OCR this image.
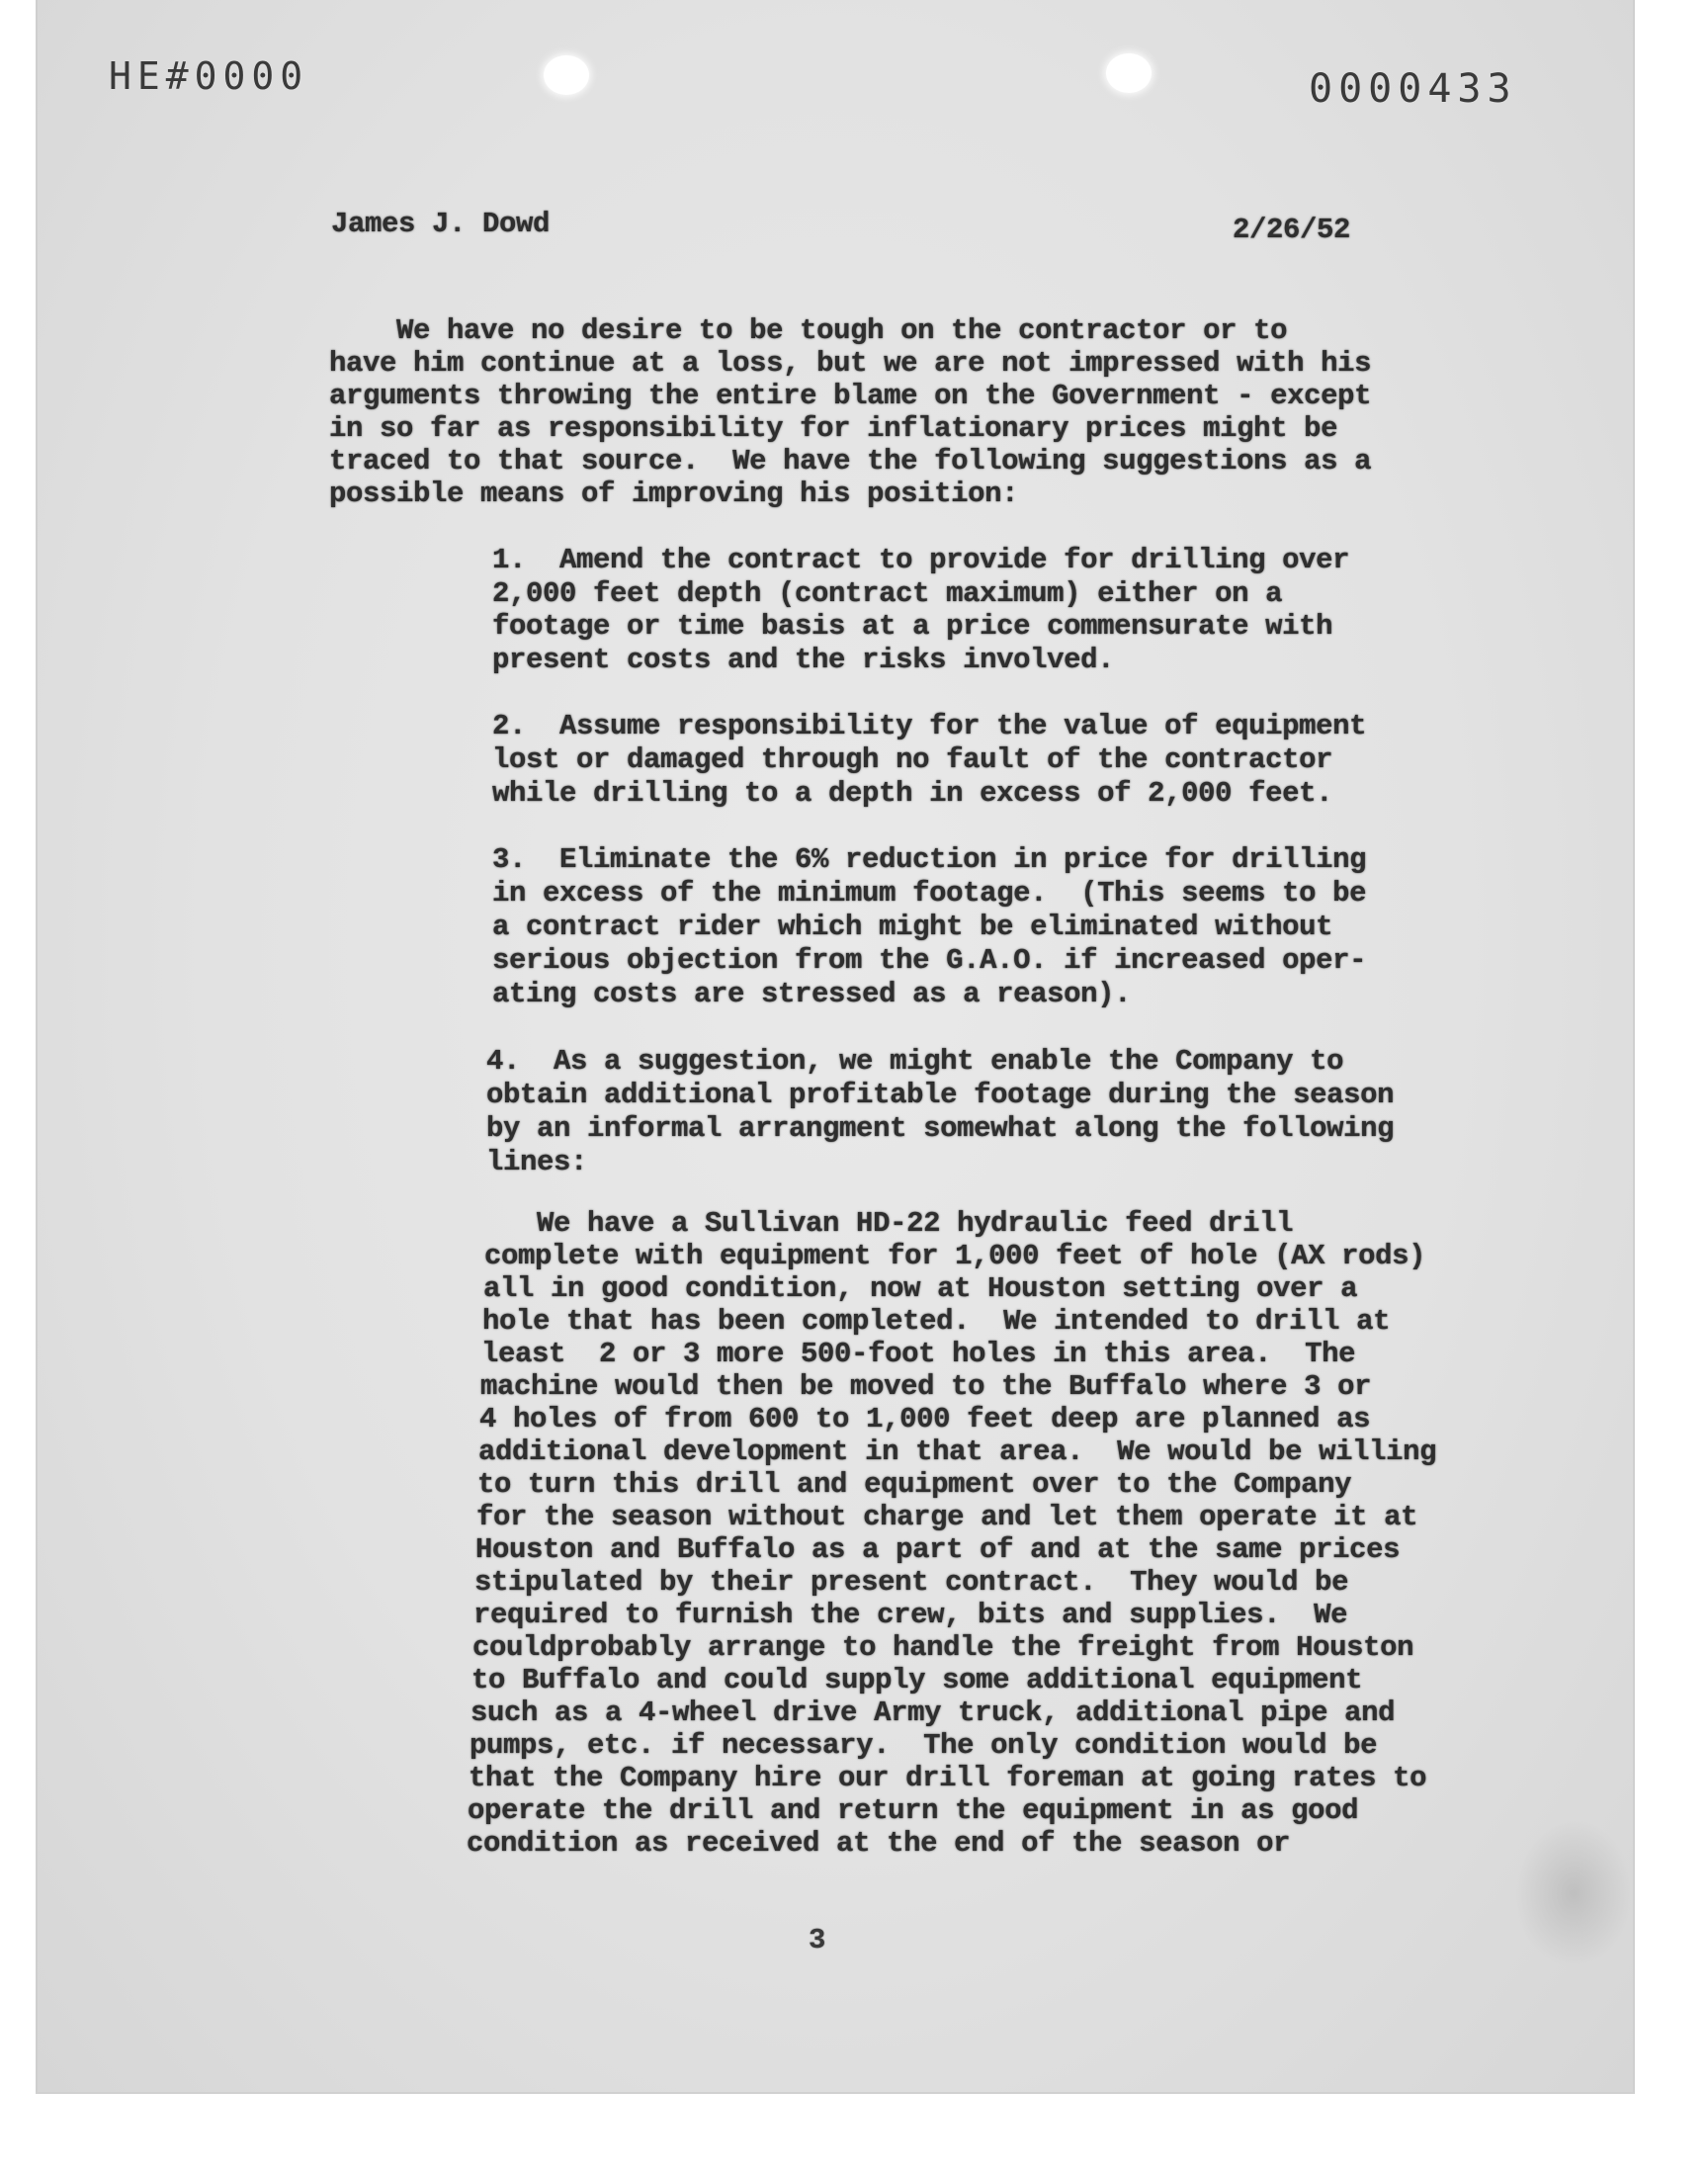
HE#0000	0000433
James J. Dowd	2/26/52
We have no desire to be tough on the contractor or to
have him continue at a loss, but we are not impressed with his
arguments throwing the entire blame on the Government - except
in so far as responsibility for inflationary prices might be
traced to that source.  We have the following suggestions as a
possible means of improving his position:
1.  Amend the contract to provide for drilling over
2,000 feet depth (contract maximum) either on a
footage or time basis at a price commensurate with
present costs and the risks involved.
2.  Assume responsibility for the value of equipment
lost or damaged through no fault of the contractor
while drilling to a depth in excess of 2,000 feet.
3.  Eliminate the 6% reduction in price for drilling
in excess of the minimum footage.  (This seems to be
a contract rider which might be eliminated without
serious objection from the G.A.O. if increased oper-
ating costs are stressed as a reason).
4.  As a suggestion, we might enable the Company to
obtain additional profitable footage during the season
by an informal arrangment somewhat along the following
lines:
We have a Sullivan HD-22 hydraulic feed drill
complete with equipment for 1,000 feet of hole (AX rods)
all in good condition, now at Houston setting over a
hole that has been completed.  We intended to drill at
least  2 or 3 more 500-foot holes in this area.  The
machine would then be moved to the Buffalo where 3 or
4 holes of from 600 to 1,000 feet deep are planned as
additional development in that area.  We would be willing
to turn this drill and equipment over to the Company
for the season without charge and let them operate it at
Houston and Buffalo as a part of and at the same prices
stipulated by their present contract.  They would be
required to furnish the crew, bits and supplies.  We
couldprobably arrange to handle the freight from Houston
to Buffalo and could supply some additional equipment
such as a 4-wheel drive Army truck, additional pipe and
pumps, etc. if necessary.  The only condition would be
that the Company hire our drill foreman at going rates to
operate the drill and return the equipment in as good
condition as received at the end of the season or
3
